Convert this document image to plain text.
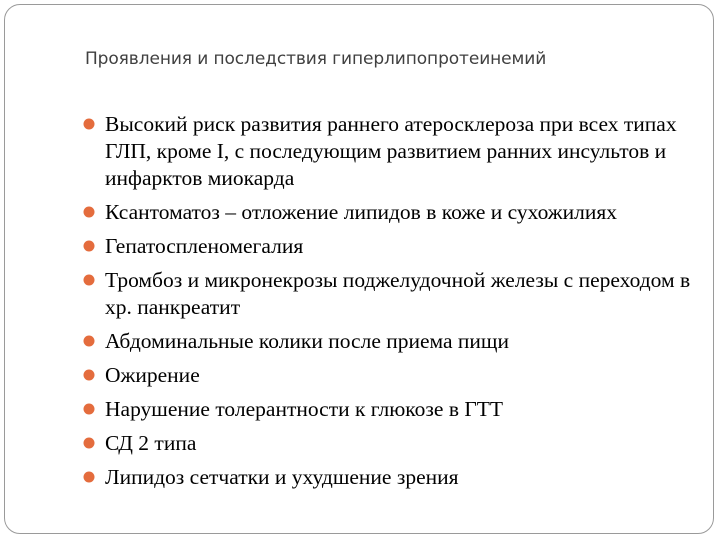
Проявления и последствия гиперлипопротеинемий
Высокий риск развития раннего атеросклероза при всех типах ГЛП, кроме I, с последующим развитием ранних инсультов и инфарктов миокарда
Ксантоматоз – отложение липидов в коже и сухожилиях
Гепатоспленомегалия
Тромбоз и микронекрозы поджелудочной железы с переходом в хр. панкреатит
Абдоминальные колики после приема пищи
Ожирение
Нарушение толерантности к глюкозе в ГТТ
СД 2 типа
Липидоз сетчатки и ухудшение зрения
